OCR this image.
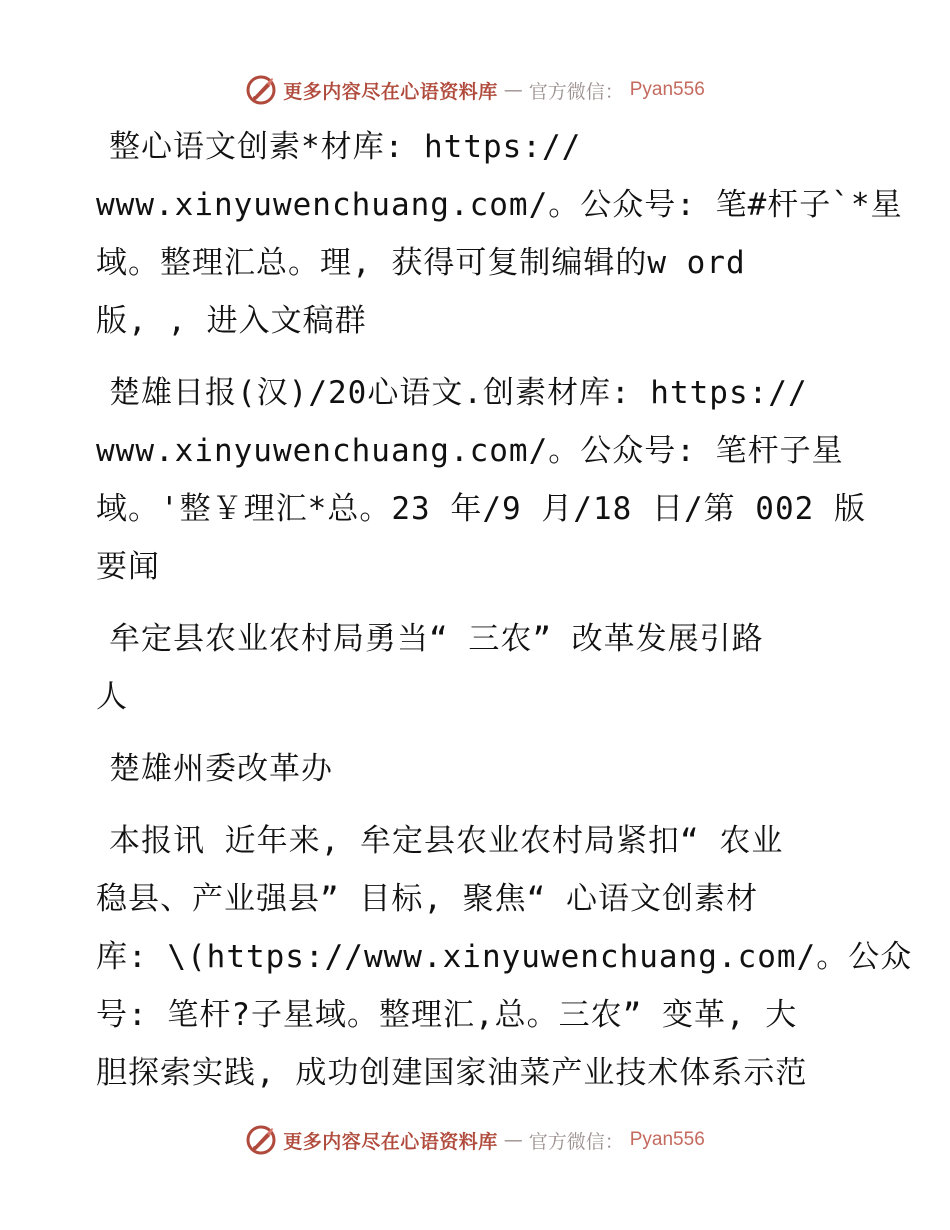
更多内容尽在心语资料库 — 官方微信： Pyan556

整心语文创素*材库: https://
www.xinyuwenchuang.com/。公众号: 笔#杆子`*星
域。整理汇总。理, 获得可复制编辑的w ord
版, , 进入文稿群

楚雄日报(汉)/20心语文.创素材库: https://
www.xinyuwenchuang.com/。公众号: 笔杆子星
域。'整￥理汇*总。23 年/9 月/18 日/第 002 版
要闻

牟定县农业农村局勇当“ 三农” 改革发展引路
人

楚雄州委改革办

本报讯 近年来, 牟定县农业农村局紧扣“ 农业
稳县、产业强县” 目标, 聚焦“ 心语文创素材
库: \(https://www.xinyuwenchuang.com/。公众
号: 笔杆?子星域。整理汇,总。三农” 变革, 大
胆探索实践, 成功创建国家油菜产业技术体系示范

更多内容尽在心语资料库 — 官方微信： Pyan556
